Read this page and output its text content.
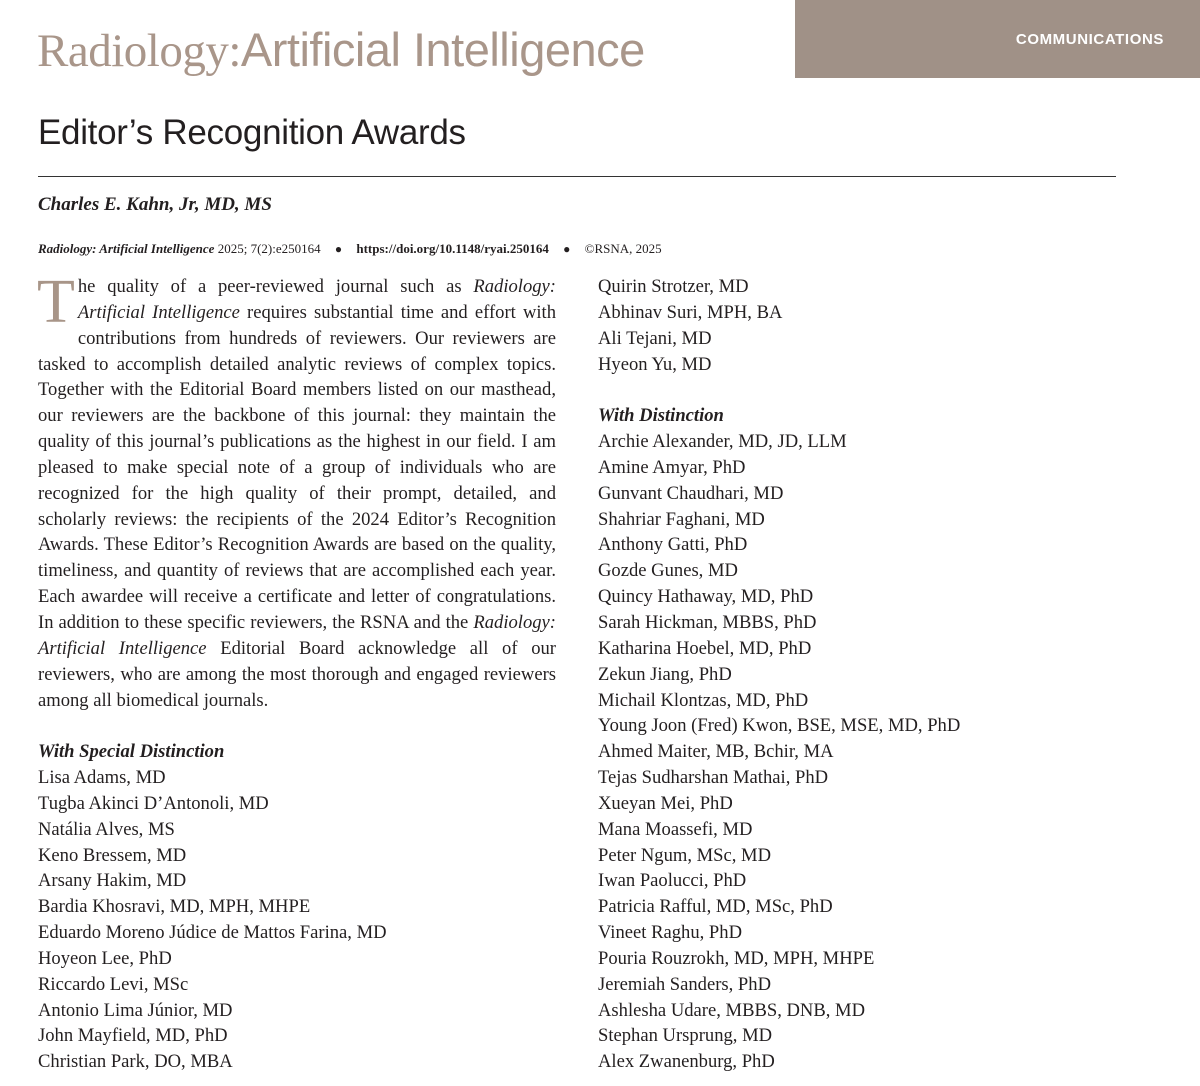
Radiology:Artificial Intelligence	COMMUNICATIONS
Editor’s Recognition Awards
Charles E. Kahn, Jr, MD, MS
Radiology: Artificial Intelligence 2025; 7(2):e250164 ● https://doi.org/10.1148/ryai.250164 ● ©RSNA, 2025

The quality of a peer-reviewed journal such as Radiology: Artificial Intelligence requires substantial time and effort with contributions from hundreds of reviewers. Our reviewers are tasked to accomplish detailed analytic reviews of complex topics. Together with the Editorial Board members listed on our masthead, our reviewers are the backbone of this journal: they maintain the quality of this journal’s publications as the highest in our field. I am pleased to make special note of a group of individuals who are recognized for the high quality of their prompt, detailed, and scholarly reviews: the recipients of the 2024 Editor’s Recognition Awards. These Editor’s Recognition Awards are based on the quality, timeliness, and quantity of reviews that are accomplished each year. Each awardee will receive a certificate and letter of congratulations. In addition to these specific reviewers, the RSNA and the Radiology: Artificial Intelligence Editorial Board acknowledge all of our reviewers, who are among the most thorough and engaged reviewers among all biomedical journals.

With Special Distinction
Lisa Adams, MD
Tugba Akinci D’Antonoli, MD
Natália Alves, MS
Keno Bressem, MD
Arsany Hakim, MD
Bardia Khosravi, MD, MPH, MHPE
Eduardo Moreno Júdice de Mattos Farina, MD
Hoyeon Lee, PhD
Riccardo Levi, MSc
Antonio Lima Júnior, MD
John Mayfield, MD, PhD
Christian Park, DO, MBA
Quirin Strotzer, MD
Abhinav Suri, MPH, BA
Ali Tejani, MD
Hyeon Yu, MD
With Distinction
Archie Alexander, MD, JD, LLM
Amine Amyar, PhD
Gunvant Chaudhari, MD
Shahriar Faghani, MD
Anthony Gatti, PhD
Gozde Gunes, MD
Quincy Hathaway, MD, PhD
Sarah Hickman, MBBS, PhD
Katharina Hoebel, MD, PhD
Zekun Jiang, PhD
Michail Klontzas, MD, PhD
Young Joon (Fred) Kwon, BSE, MSE, MD, PhD
Ahmed Maiter, MB, Bchir, MA
Tejas Sudharshan Mathai, PhD
Xueyan Mei, PhD
Mana Moassefi, MD
Peter Ngum, MSc, MD
Iwan Paolucci, PhD
Patricia Rafful, MD, MSc, PhD
Vineet Raghu, PhD
Pouria Rouzrokh, MD, MPH, MHPE
Jeremiah Sanders, PhD
Ashlesha Udare, MBBS, DNB, MD
Stephan Ursprung, MD
Alex Zwanenburg, PhD
